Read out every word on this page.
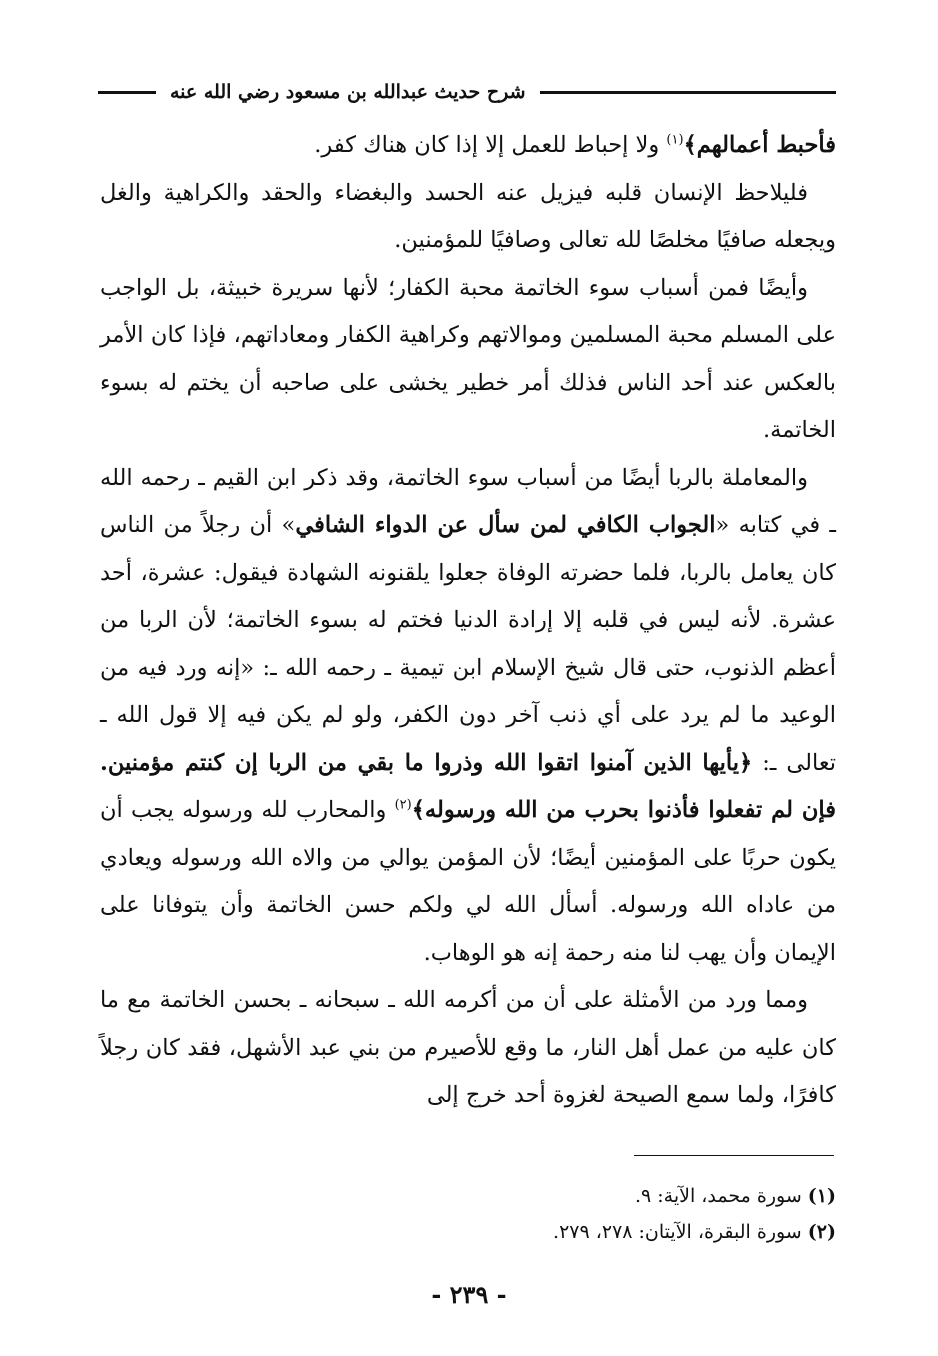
شرح حديث عبدالله بن مسعود رضي الله عنه

فأحبط أعمالهم﴾$^{(١)}$ ولا إحباط للعمل إلا إذا كان هناك كفر.

فليلاحظ الإنسان قلبه فيزيل عنه الحسد والبغضاء والحقد والكراهية والغل ويجعله صافيًا مخلصًا لله تعالى وصافيًا للمؤمنين.

وأيضًا فمن أسباب سوء الخاتمة محبة الكفار؛ لأنها سريرة خبيثة، بل الواجب على المسلم محبة المسلمين وموالاتهم وكراهية الكفار ومعاداتهم، فإذا كان الأمر بالعكس عند أحد الناس فذلك أمر خطير يخشى على صاحبه أن يختم له بسوء الخاتمة.

والمعاملة بالربا أيضًا من أسباب سوء الخاتمة، وقد ذكر ابن القيم ـ رحمه الله ـ في كتابه «الجواب الكافي لمن سأل عن الدواء الشافي» أن رجلاً من الناس كان يعامل بالربا، فلما حضرته الوفاة جعلوا يلقنونه الشهادة فيقول: عشرة، أحد عشرة. لأنه ليس في قلبه إلا إرادة الدنيا فختم له بسوء الخاتمة؛ لأن الربا من أعظم الذنوب، حتى قال شيخ الإسلام ابن تيمية ـ رحمه الله ـ: «إنه ورد فيه من الوعيد ما لم يرد على أي ذنب آخر دون الكفر، ولو لم يكن فيه إلا قول الله ـ تعالى ـ: ﴿يأيها الذين آمنوا اتقوا الله وذروا ما بقي من الربا إن كنتم مؤمنين. فإن لم تفعلوا فأذنوا بحرب من الله ورسوله﴾$^{(٢)}$ والمحارب لله ورسوله يجب أن يكون حربًا على المؤمنين أيضًا؛ لأن المؤمن يوالي من والاه الله ورسوله ويعادي من عاداه الله ورسوله. أسأل الله لي ولكم حسن الخاتمة وأن يتوفانا على الإيمان وأن يهب لنا منه رحمة إنه هو الوهاب.

ومما ورد من الأمثلة على أن من أكرمه الله ـ سبحانه ـ بحسن الخاتمة مع ما كان عليه من عمل أهل النار، ما وقع للأصيرم من بني عبد الأشهل، فقد كان رجلاً كافرًا، ولما سمع الصيحة لغزوة أحد خرج إلى

(١) سورة محمد، الآية: ٩.
(٢) سورة البقرة، الآيتان: ٢٧٨، ٢٧٩.
- ٢٣٩ -
